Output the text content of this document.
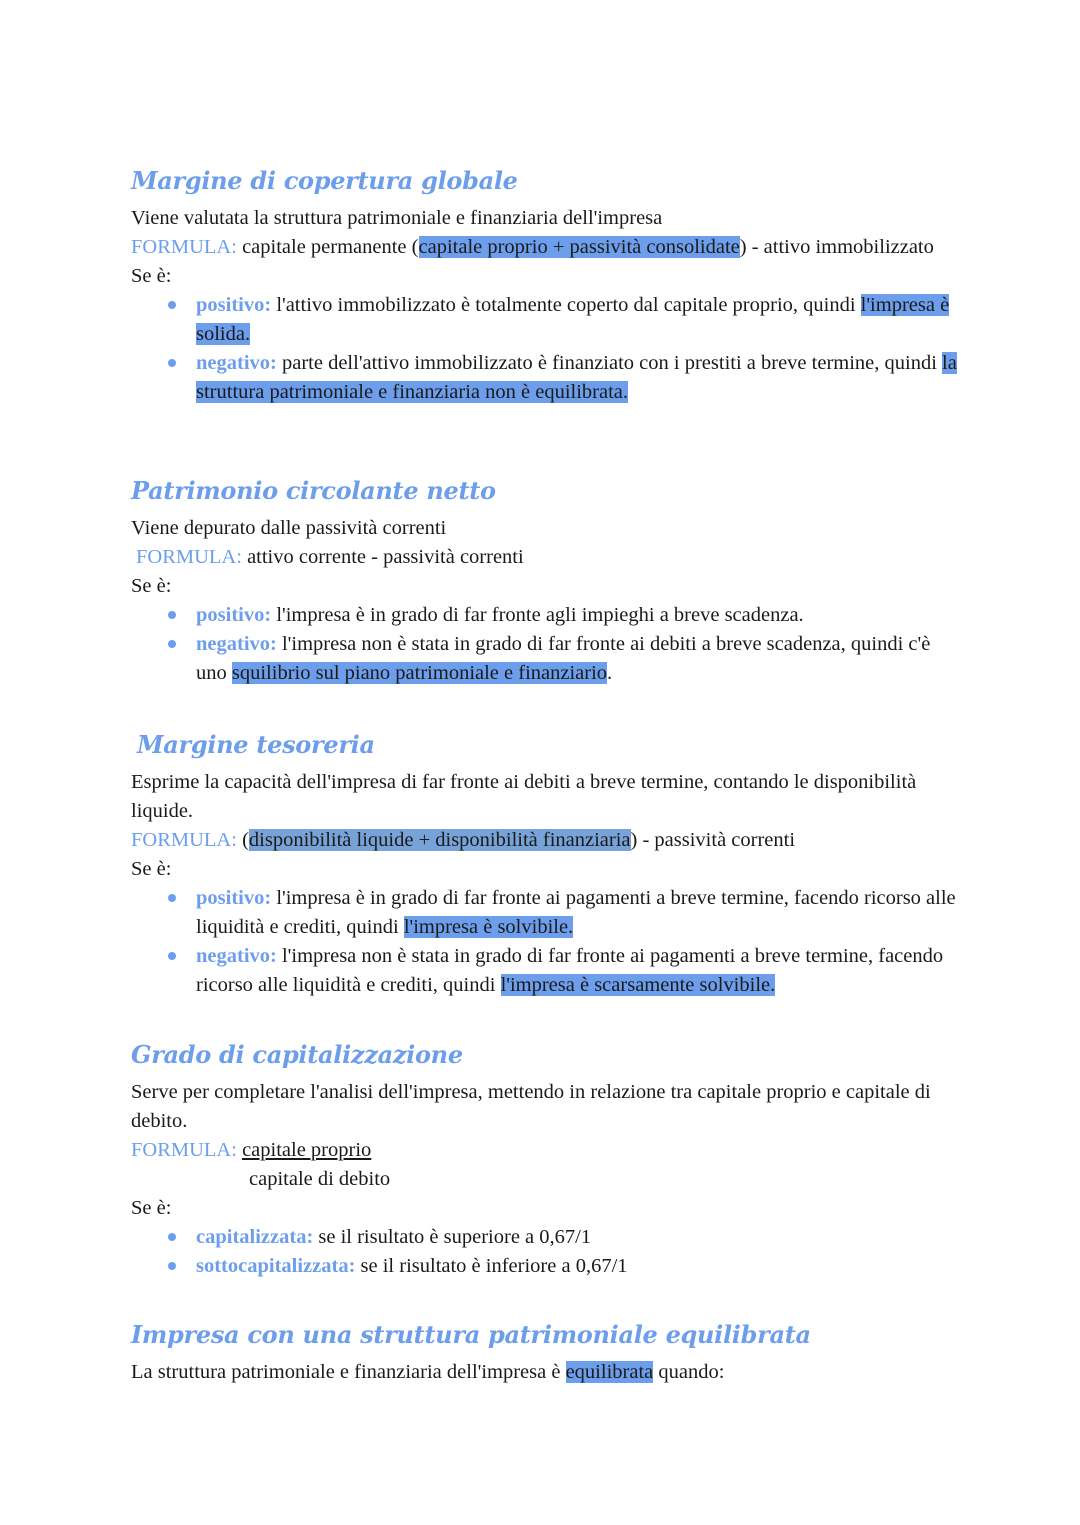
Margine di copertura globale

Viene valutata la struttura patrimoniale e finanziaria dell'impresa

FORMULA: capitale permanente (capitale proprio + passività consolidate) - attivo immobilizzato

Se è:

positivo: l'attivo immobilizzato è totalmente coperto dal capitale proprio, quindi l'impresa è solida.
negativo: parte dell'attivo immobilizzato è finanziato con i prestiti a breve termine, quindi la struttura patrimoniale e finanziaria non è equilibrata.
Patrimonio circolante netto

Viene depurato dalle passività correnti

FORMULA: attivo corrente - passività correnti

Se è:

positivo: l'impresa è in grado di far fronte agli impieghi a breve scadenza.
negativo: l'impresa non è stata in grado di far fronte ai debiti a breve scadenza, quindi c'è uno squilibrio sul piano patrimoniale e finanziario.
Margine tesoreria

Esprime la capacità dell'impresa di far fronte ai debiti a breve termine, contando le disponibilità liquide.

FORMULA: (disponibilità liquide + disponibilità finanziaria) - passività correnti

Se è:

positivo: l'impresa è in grado di far fronte ai pagamenti a breve termine, facendo ricorso alle liquidità e crediti, quindi l'impresa è solvibile.
negativo: l'impresa non è stata in grado di far fronte ai pagamenti a breve termine, facendo ricorso alle liquidità e crediti, quindi l'impresa è scarsamente solvibile.
Grado di capitalizzazione

Serve per completare l'analisi dell'impresa, mettendo in relazione tra capitale proprio e capitale di debito.

FORMULA: capitale proprio

capitale di debito

Se è:

capitalizzata: se il risultato è superiore a 0,67/1
sottocapitalizzata: se il risultato è inferiore a 0,67/1
Impresa con una struttura patrimoniale equilibrata

La struttura patrimoniale e finanziaria dell'impresa è equilibrata quando:
